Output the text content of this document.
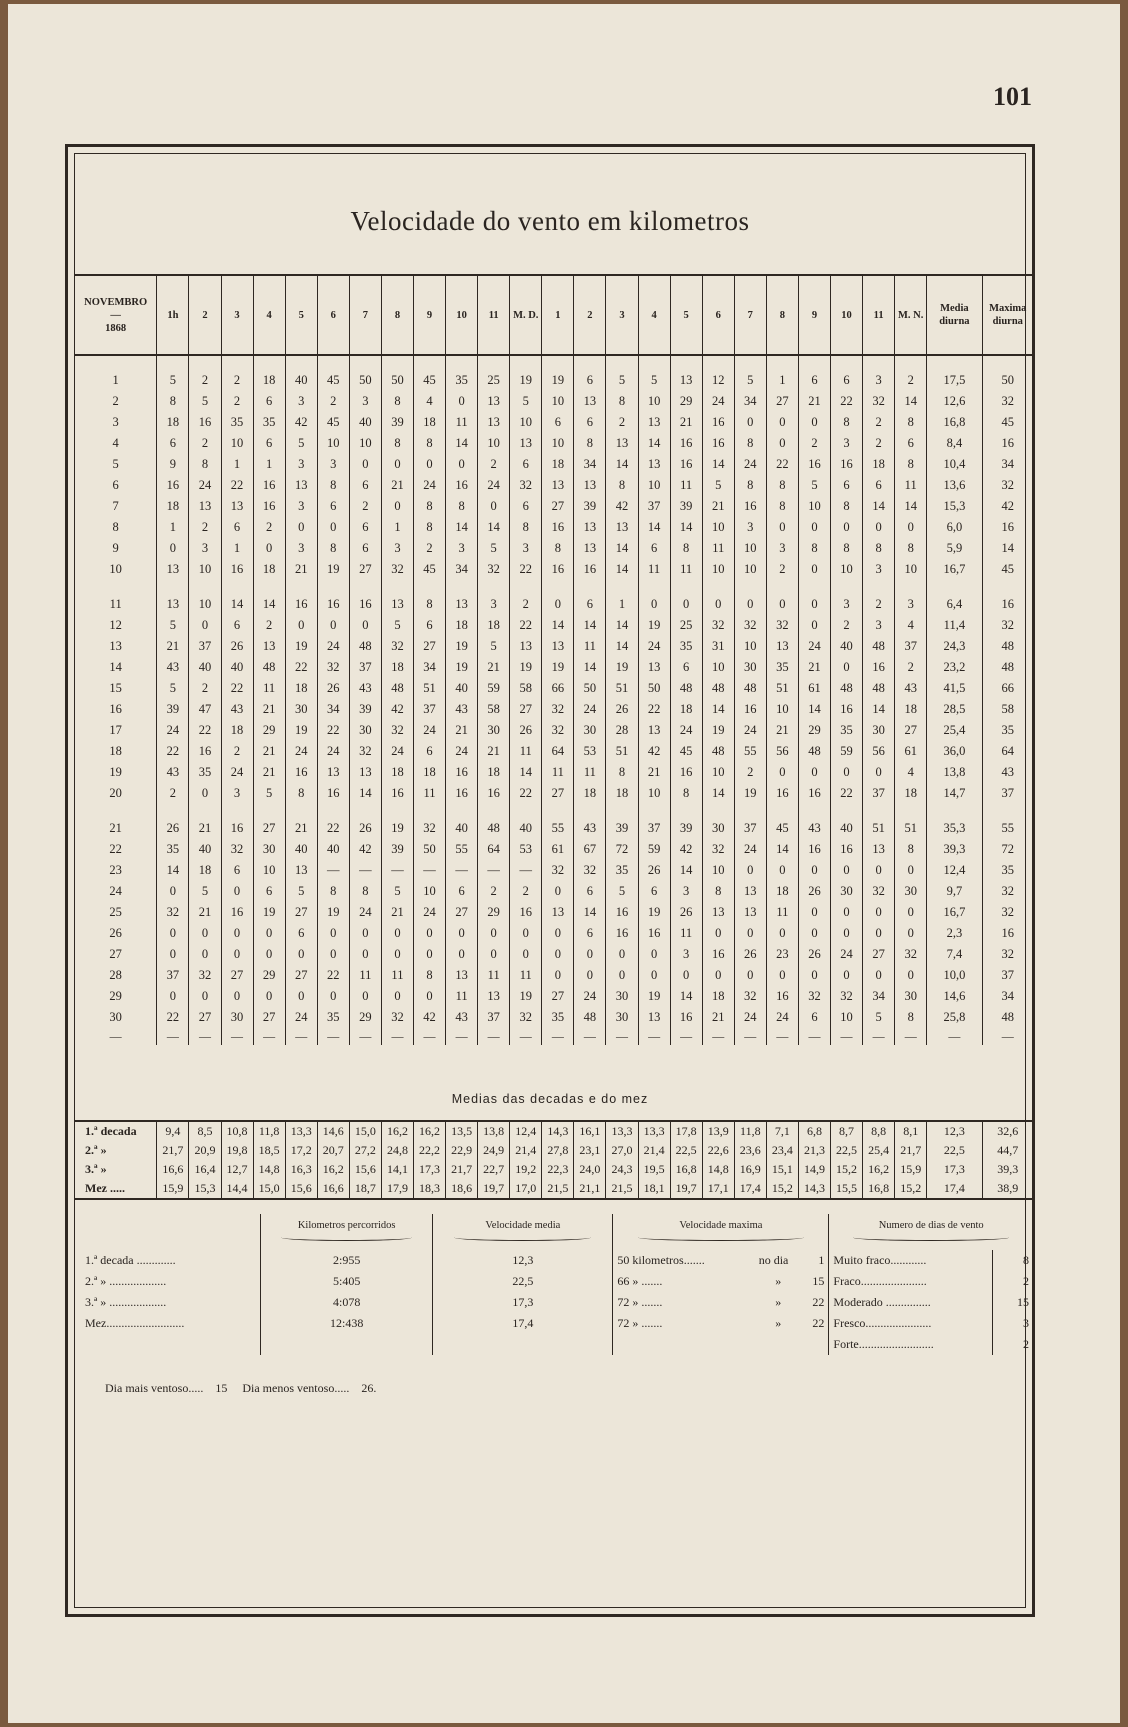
101
Velocidade do vento em kilometros
NOVEMBRO
—
1868	1h	2	3	4	5	6	7	8	9	10	11	M. D.	1	2	3	4	5	6	7	8	9	10	11	M. N.	Media
diurna	Maxima
diurna

1	5	2	2	18	40	45	50	50	45	35	25	19	19	6	5	5	13	12	5	1	6	6	3	2	17,5	50
2	8	5	2	6	3	2	3	8	4	0	13	5	10	13	8	10	29	24	34	27	21	22	32	14	12,6	32
3	18	16	35	35	42	45	40	39	18	11	13	10	6	6	2	13	21	16	0	0	0	8	2	8	16,8	45
4	6	2	10	6	5	10	10	8	8	14	10	13	10	8	13	14	16	16	8	0	2	3	2	6	8,4	16
5	9	8	1	1	3	3	0	0	0	0	2	6	18	34	14	13	16	14	24	22	16	16	18	8	10,4	34
6	16	24	22	16	13	8	6	21	24	16	24	32	13	13	8	10	11	5	8	8	5	6	6	11	13,6	32
7	18	13	13	16	3	6	2	0	8	8	0	6	27	39	42	37	39	21	16	8	10	8	14	14	15,3	42
8	1	2	6	2	0	0	6	1	8	14	14	8	16	13	13	14	14	10	3	0	0	0	0	0	6,0	16
9	0	3	1	0	3	8	6	3	2	3	5	3	8	13	14	6	8	11	10	3	8	8	8	8	5,9	14
10	13	10	16	18	21	19	27	32	45	34	32	22	16	16	14	11	11	10	10	2	0	10	3	10	16,7	45

11	13	10	14	14	16	16	16	13	8	13	3	2	0	6	1	0	0	0	0	0	0	3	2	3	6,4	16
12	5	0	6	2	0	0	0	5	6	18	18	22	14	14	14	19	25	32	32	32	0	2	3	4	11,4	32
13	21	37	26	13	19	24	48	32	27	19	5	13	13	11	14	24	35	31	10	13	24	40	48	37	24,3	48
14	43	40	40	48	22	32	37	18	34	19	21	19	19	14	19	13	6	10	30	35	21	0	16	2	23,2	48
15	5	2	22	11	18	26	43	48	51	40	59	58	66	50	51	50	48	48	48	51	61	48	48	43	41,5	66
16	39	47	43	21	30	34	39	42	37	43	58	27	32	24	26	22	18	14	16	10	14	16	14	18	28,5	58
17	24	22	18	29	19	22	30	32	24	21	30	26	32	30	28	13	24	19	24	21	29	35	30	27	25,4	35
18	22	16	2	21	24	24	32	24	6	24	21	11	64	53	51	42	45	48	55	56	48	59	56	61	36,0	64
19	43	35	24	21	16	13	13	18	18	16	18	14	11	11	8	21	16	10	2	0	0	0	0	4	13,8	43
20	2	0	3	5	8	16	14	16	11	16	16	22	27	18	18	10	8	14	19	16	16	22	37	18	14,7	37

21	26	21	16	27	21	22	26	19	32	40	48	40	55	43	39	37	39	30	37	45	43	40	51	51	35,3	55
22	35	40	32	30	40	40	42	39	50	55	64	53	61	67	72	59	42	32	24	14	16	16	13	8	39,3	72
23	14	18	6	10	13	—	—	—	—	—	—	—	32	32	35	26	14	10	0	0	0	0	0	0	12,4	35
24	0	5	0	6	5	8	8	5	10	6	2	2	0	6	5	6	3	8	13	18	26	30	32	30	9,7	32
25	32	21	16	19	27	19	24	21	24	27	29	16	13	14	16	19	26	13	13	11	0	0	0	0	16,7	32
26	0	0	0	0	6	0	0	0	0	0	0	0	0	6	16	16	11	0	0	0	0	0	0	0	2,3	16
27	0	0	0	0	0	0	0	0	0	0	0	0	0	0	0	0	3	16	26	23	26	24	27	32	7,4	32
28	37	32	27	29	27	22	11	11	8	13	11	11	0	0	0	0	0	0	0	0	0	0	0	0	10,0	37
29	0	0	0	0	0	0	0	0	0	11	13	19	27	24	30	19	14	18	32	16	32	32	34	30	14,6	34
30	22	27	30	27	24	35	29	32	42	43	37	32	35	48	30	13	16	21	24	24	6	10	5	8	25,8	48
—	—	—	—	—	—	—	—	—	—	—	—	—	—	—	—	—	—	—	—	—	—	—	—	—	—	—
Medias das decadas e do mez
1.ª decada	9,4	8,5	10,8	11,8	13,3	14,6	15,0	16,2	16,2	13,5	13,8	12,4	14,3	16,1	13,3	13,3	17,8	13,9	11,8	7,1	6,8	8,7	8,8	8,1	12,3	32,6
2.ª »	21,7	20,9	19,8	18,5	17,2	20,7	27,2	24,8	22,2	22,9	24,9	21,4	27,8	23,1	27,0	21,4	22,5	22,6	23,6	23,4	21,3	22,5	25,4	21,7	22,5	44,7
3.ª »	16,6	16,4	12,7	14,8	16,3	16,2	15,6	14,1	17,3	21,7	22,7	19,2	22,3	24,0	24,3	19,5	16,8	14,8	16,9	15,1	14,9	15,2	16,2	15,9	17,3	39,3
Mez .....	15,9	15,3	14,4	15,0	15,6	16,6	18,7	17,9	18,3	18,6	19,7	17,0	21,5	21,1	21,5	18,1	19,7	17,1	17,4	15,2	14,3	15,5	16,8	15,2	17,4	38,9
	Kilometros percorridos	Velocidade media	Velocidade maxima			Numero de dias de vento	

1.ª decada .............	2:955	12,3	50 kilometros.......	no dia	1	Muito fraco............	8
2.ª » ...................	5:405	22,5	66 » .......	»	15	Fraco......................	2
3.ª » ...................	4:078	17,3	72 » .......	»	22	Moderado ...............	15
Mez..........................	12:438	17,4	72 » .......	»	22	Fresco......................	3
						Forte.........................	2
Dia mais ventoso..... 15 Dia menos ventoso..... 26.
